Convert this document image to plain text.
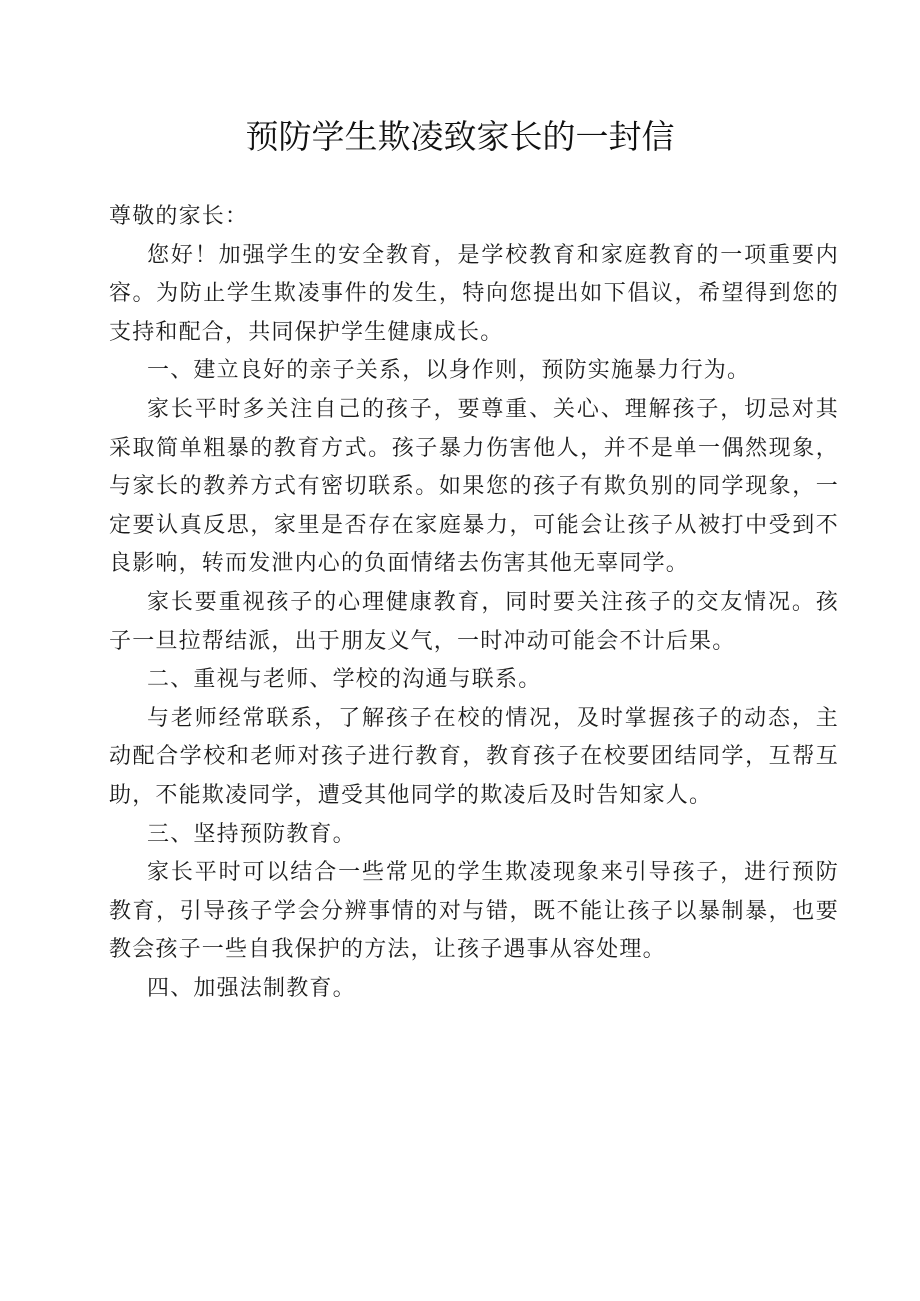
预防学生欺凌致家长的一封信

尊敬的家长：

您好！加强学生的安全教育，是学校教育和家庭教育的一项重要内容。为防止学生欺凌事件的发生，特向您提出如下倡议，希望得到您的支持和配合，共同保护学生健康成长。

一、建立良好的亲子关系，以身作则，预防实施暴力行为。

家长平时多关注自己的孩子，要尊重、关心、理解孩子，切忌对其采取简单粗暴的教育方式。孩子暴力伤害他人，并不是单一偶然现象，与家长的教养方式有密切联系。如果您的孩子有欺负别的同学现象，一定要认真反思，家里是否存在家庭暴力，可能会让孩子从被打中受到不良影响，转而发泄内心的负面情绪去伤害其他无辜同学。

家长要重视孩子的心理健康教育，同时要关注孩子的交友情况。孩子一旦拉帮结派，出于朋友义气，一时冲动可能会不计后果。

二、重视与老师、学校的沟通与联系。

与老师经常联系，了解孩子在校的情况，及时掌握孩子的动态，主动配合学校和老师对孩子进行教育，教育孩子在校要团结同学，互帮互助，不能欺凌同学，遭受其他同学的欺凌后及时告知家人。

三、坚持预防教育。

家长平时可以结合一些常见的学生欺凌现象来引导孩子，进行预防教育，引导孩子学会分辨事情的对与错，既不能让孩子以暴制暴，也要教会孩子一些自我保护的方法，让孩子遇事从容处理。

四、加强法制教育。
